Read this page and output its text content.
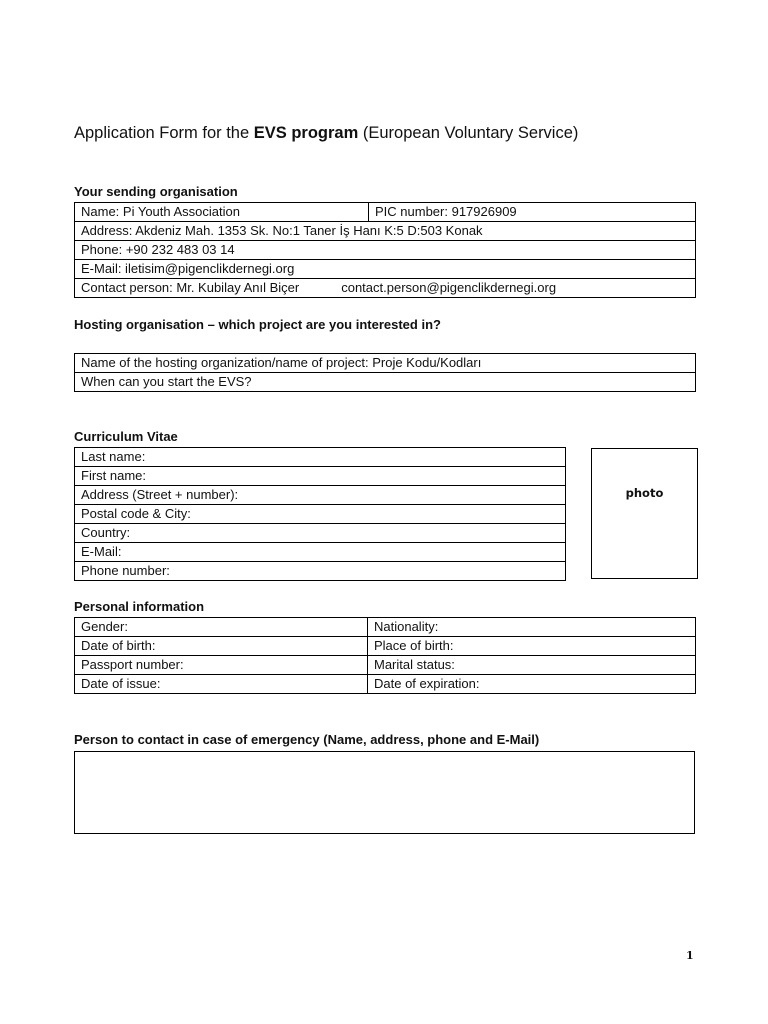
Application Form for the EVS program (European Voluntary Service)
Your sending organisation
Name: Pi Youth Association	PIC number: 917926909
Address: Akdeniz Mah. 1353 Sk. No:1 Taner İş Hanı K:5 D:503 Konak
Phone: +90 232 483 03 14
E-Mail: iletisim@pigenclikdernegi.org
Contact person: Mr. Kubilay Anıl Biçer	contact.person@pigenclikdernegi.org
Hosting organisation – which project are you interested in?
Name of the hosting organization/name of project: Proje Kodu/Kodları
When can you start the EVS?
Curriculum Vitae
Last name:
First name:
Address (Street + number):
Postal code & City:
Country:
E-Mail:
Phone number:
photo
Personal information
Gender:	Nationality:
Date of birth:	Place of birth:
Passport number:	Marital status:
Date of issue:	Date of expiration:
Person to contact in case of emergency (Name, address, phone and E-Mail)
1
